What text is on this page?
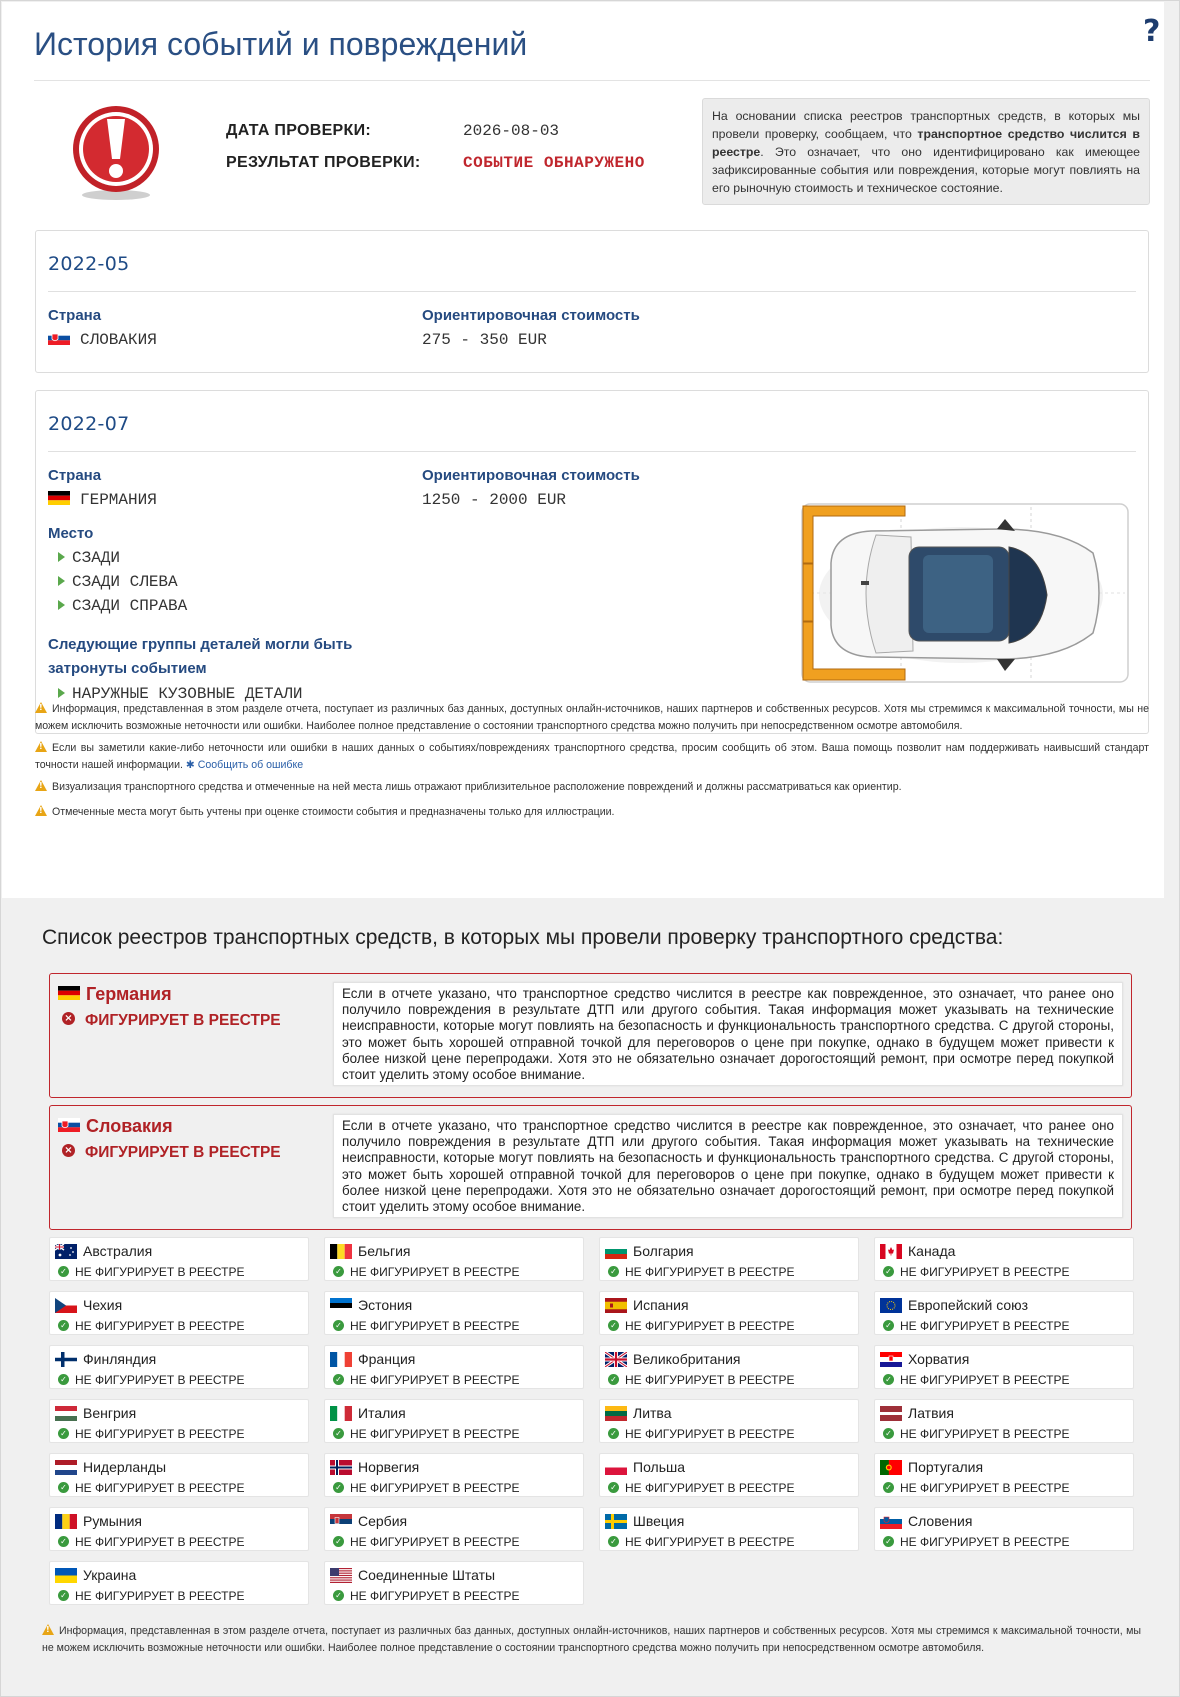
История событий и повреждений	?
ДАТА ПРОВЕРКИ:	2026-08-03
РЕЗУЛЬТАТ ПРОВЕРКИ:	СОБЫТИЕ ОБНАРУЖЕНО
На основании списка реестров транспортных средств, в которых мы провели проверку, сообщаем, что транспортное средство числится в реестре. Это означает, что оно идентифицировано как имеющее зафиксированные события или повреждения, которые могут повлиять на его рыночную стоимость и техническое состояние.
2022-05
Страна
СЛОВАКИЯ
Ориентировочная стоимость
275 - 350 EUR
2022-07
Страна
ГЕРМАНИЯ
Ориентировочная стоимость
1250 - 2000 EUR
Место
СЗАДИ
СЗАДИ СЛЕВА
СЗАДИ СПРАВА
Следующие группы деталей могли быть затронуты событием
НАРУЖНЫЕ КУЗОВНЫЕ ДЕТАЛИ
!Информация, представленная в этом разделе отчета, поступает из различных баз данных, доступных онлайн-источников, наших партнеров и собственных ресурсов. Хотя мы стремимся к максимальной точности, мы не можем исключить возможные неточности или ошибки. Наиболее полное представление о состоянии транспортного средства можно получить при непосредственном осмотре автомобиля.
!Если вы заметили какие-либо неточности или ошибки в наших данных о событиях/повреждениях транспортного средства, просим сообщить об этом. Ваша помощь позволит нам поддерживать наивысший стандарт точности нашей информации. ✱ Сообщить об ошибке
!Визуализация транспортного средства и отмеченные на ней места лишь отражают приблизительное расположение повреждений и должны рассматриваться как ориентир.
!Отмеченные места могут быть учтены при оценке стоимости события и предназначены только для иллюстрации.
Список реестров транспортных средств, в которых мы провели проверку транспортного средства:
Германия
× ФИГУРИРУЕТ В РЕЕСТРЕ
Если в отчете указано, что транспортное средство числится в реестре как поврежденное, это означает, что ранее оно получило повреждения в результате ДТП или другого события. Такая информация может указывать на технические неисправности, которые могут повлиять на безопасность и функциональность транспортного средства. С другой стороны, это может быть хорошей отправной точкой для переговоров о цене при покупке, однако в будущем может привести к более низкой цене перепродажи. Хотя это не обязательно означает дорогостоящий ремонт, при осмотре перед покупкой стоит уделить этому особое внимание.
Словакия
× ФИГУРИРУЕТ В РЕЕСТРЕ
Если в отчете указано, что транспортное средство числится в реестре как поврежденное, это означает, что ранее оно получило повреждения в результате ДТП или другого события. Такая информация может указывать на технические неисправности, которые могут повлиять на безопасность и функциональность транспортного средства. С другой стороны, это может быть хорошей отправной точкой для переговоров о цене при покупке, однако в будущем может привести к более низкой цене перепродажи. Хотя это не обязательно означает дорогостоящий ремонт, при осмотре перед покупкой стоит уделить этому особое внимание.
Австралия
✓ НЕ ФИГУРИРУЕТ В РЕЕСТРЕ
Бельгия
✓ НЕ ФИГУРИРУЕТ В РЕЕСТРЕ
Болгария
✓ НЕ ФИГУРИРУЕТ В РЕЕСТРЕ
Канада
✓ НЕ ФИГУРИРУЕТ В РЕЕСТРЕ
Чехия
✓ НЕ ФИГУРИРУЕТ В РЕЕСТРЕ
Эстония
✓ НЕ ФИГУРИРУЕТ В РЕЕСТРЕ
Испания
✓ НЕ ФИГУРИРУЕТ В РЕЕСТРЕ
Европейский союз
✓ НЕ ФИГУРИРУЕТ В РЕЕСТРЕ
Финляндия
✓ НЕ ФИГУРИРУЕТ В РЕЕСТРЕ
Франция
✓ НЕ ФИГУРИРУЕТ В РЕЕСТРЕ
Великобритания
✓ НЕ ФИГУРИРУЕТ В РЕЕСТРЕ
Хорватия
✓ НЕ ФИГУРИРУЕТ В РЕЕСТРЕ
Венгрия
✓ НЕ ФИГУРИРУЕТ В РЕЕСТРЕ
Италия
✓ НЕ ФИГУРИРУЕТ В РЕЕСТРЕ
Литва
✓ НЕ ФИГУРИРУЕТ В РЕЕСТРЕ
Латвия
✓ НЕ ФИГУРИРУЕТ В РЕЕСТРЕ
Нидерланды
✓ НЕ ФИГУРИРУЕТ В РЕЕСТРЕ
Норвегия
✓ НЕ ФИГУРИРУЕТ В РЕЕСТРЕ
Польша
✓ НЕ ФИГУРИРУЕТ В РЕЕСТРЕ
Португалия
✓ НЕ ФИГУРИРУЕТ В РЕЕСТРЕ
Румыния
✓ НЕ ФИГУРИРУЕТ В РЕЕСТРЕ
Сербия
✓ НЕ ФИГУРИРУЕТ В РЕЕСТРЕ
Швеция
✓ НЕ ФИГУРИРУЕТ В РЕЕСТРЕ
Словения
✓ НЕ ФИГУРИРУЕТ В РЕЕСТРЕ
Украина
✓ НЕ ФИГУРИРУЕТ В РЕЕСТРЕ
Соединенные Штаты
✓ НЕ ФИГУРИРУЕТ В РЕЕСТРЕ
!Информация, представленная в этом разделе отчета, поступает из различных баз данных, доступных онлайн-источников, наших партнеров и собственных ресурсов. Хотя мы стремимся к максимальной точности, мы не можем исключить возможные неточности или ошибки. Наиболее полное представление о состоянии транспортного средства можно получить при непосредственном осмотре автомобиля.
